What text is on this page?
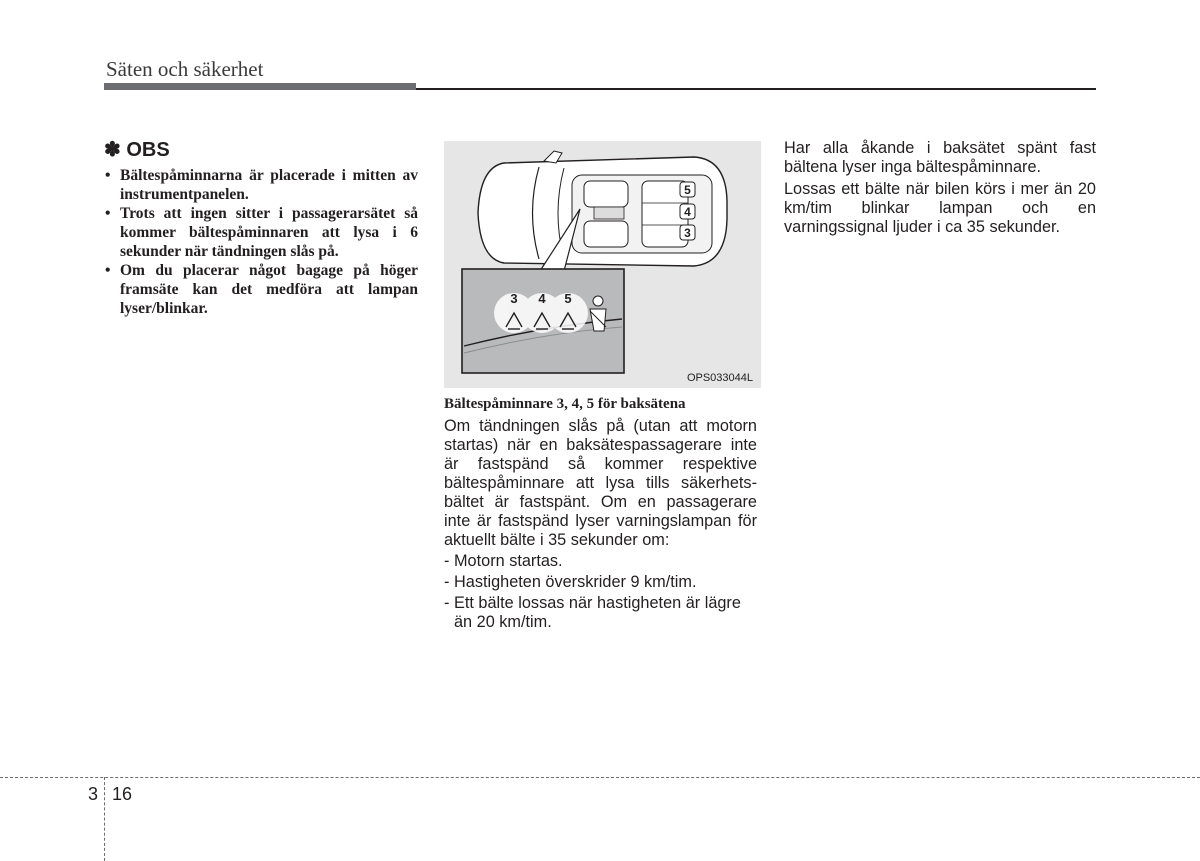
Säten och säkerhet
✽ OBS
• Bältespåminnarna är placerade i mitten av instrumentpanelen.
• Trots att ingen sitter i passagerarsätet så kommer bältespåminnaren att lysa i 6 sekunder när tändningen slås på.
• Om du placerar något bagage på höger framsäte kan det medföra att lampan lyser/blinkar.
5
4
3
3 4 5
OPS033044L
Bältespåminnare 3, 4, 5 för baksätena

Om tändningen slås på (utan att motorn startas) när en baksätespassagerare inte är fastspänd så kommer respektive bältespåminnare att lysa tills säkerhets-bältet är fastspänt. Om en passagerare inte är fastspänd lyser varningslampan för aktuellt bälte i 35 sekunder om:

- Motorn startas.
- Hastigheten överskrider 9 km/tim.
- Ett bälte lossas när hastigheten är lägre än 20 km/tim.

Har alla åkande i baksätet spänt fast bältena lyser inga bältespåminnare.

Lossas ett bälte när bilen körs i mer än 20 km/tim blinkar lampan och en varningssignal ljuder i ca 35 sekunder.

3 16
